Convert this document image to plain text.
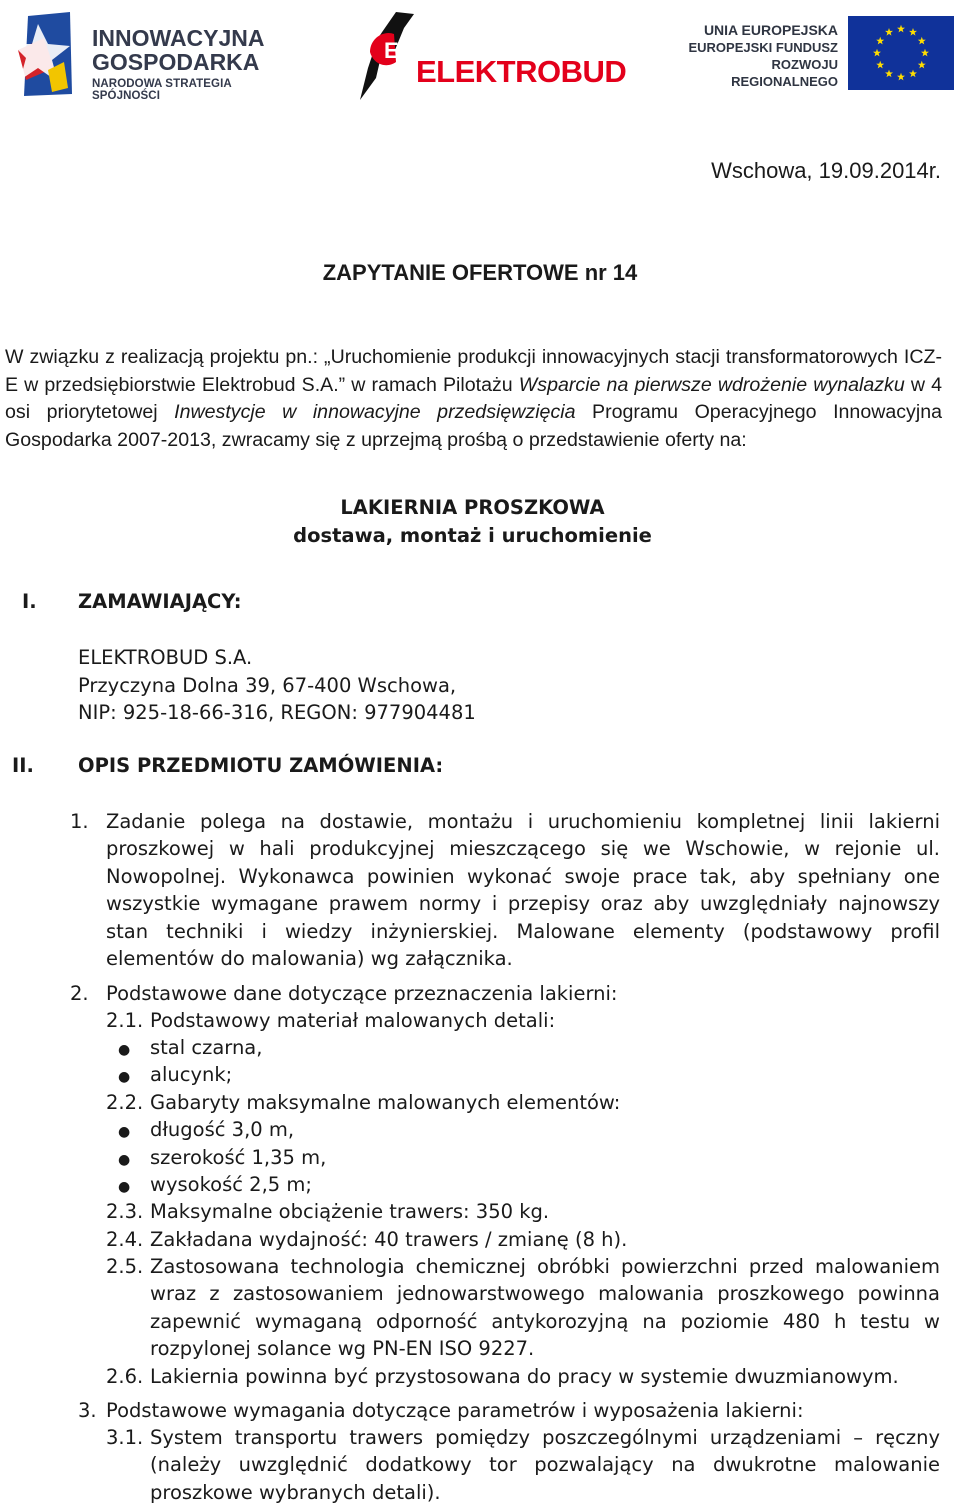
INNOWACYJNA
GOSPODARKA
NARODOWA STRATEGIA SPÓJNOŚCI
E
ELEKTROBUD
UNIA EUROPEJSKA
EUROPEJSKI FUNDUSZ
ROZWOJU REGIONALNEGO
Wschowa, 19.09.2014r.
ZAPYTANIE OFERTOWE nr 14
W związku z realizacją projektu pn.: „Uruchomienie produkcji innowacyjnych stacji transformatorowych ICZ-E w przedsiębiorstwie Elektrobud S.A.” w ramach Pilotażu Wsparcie na pierwsze wdrożenie wynalazku w 4 osi priorytetowej Inwestycje w innowacyjne przedsięwzięcia Programu Operacyjnego Innowacyjna Gospodarka 2007-2013, zwracamy się z uprzejmą prośbą o przedstawienie oferty na:
LAKIERNIA PROSZKOWA
dostawa, montaż i uruchomienie
I. ZAMAWIAJĄCY:
ELEKTROBUD S.A.
Przyczyna Dolna 39, 67-400 Wschowa,
NIP: 925-18-66-316, REGON: 977904481
II. OPIS PRZEDMIOTU ZAMÓWIENIA:
1. Zadanie polega na dostawie, montażu i uruchomieniu kompletnej linii lakierni proszkowej w hali produkcyjnej mieszczącego się we Wschowie, w rejonie ul. Nowopolnej. Wykonawca powinien wykonać swoje prace tak, aby spełniany one wszystkie wymagane prawem normy i przepisy oraz aby uwzględniały najnowszy stan techniki i wiedzy inżynierskiej. Malowane elementy (podstawowy profil elementów do malowania) wg załącznika.
2. Podstawowe dane dotyczące przeznaczenia lakierni:
2.1. Podstawowy materiał malowanych detali:
● stal czarna,
● alucynk;
2.2. Gabaryty maksymalne malowanych elementów:
● długość 3,0 m,
● szerokość 1,35 m,
● wysokość 2,5 m;
2.3. Maksymalne obciążenie trawers: 350 kg.
2.4. Zakładana wydajność: 40 trawers / zmianę (8 h).
2.5. Zastosowana technologia chemicznej obróbki powierzchni przed malowaniem wraz z zastosowaniem jednowarstwowego malowania proszkowego powinna zapewnić wymaganą odporność antykorozyjną na poziomie 480 h testu w rozpylonej solance wg PN-EN ISO 9227.
2.6. Lakiernia powinna być przystosowana do pracy w systemie dwuzmianowym.
3. Podstawowe wymagania dotyczące parametrów i wyposażenia lakierni:
3.1. System transportu trawers pomiędzy poszczególnymi urządzeniami – ręczny (należy uwzględnić dodatkowy tor pozwalający na dwukrotne malowanie proszkowe wybranych detali).
